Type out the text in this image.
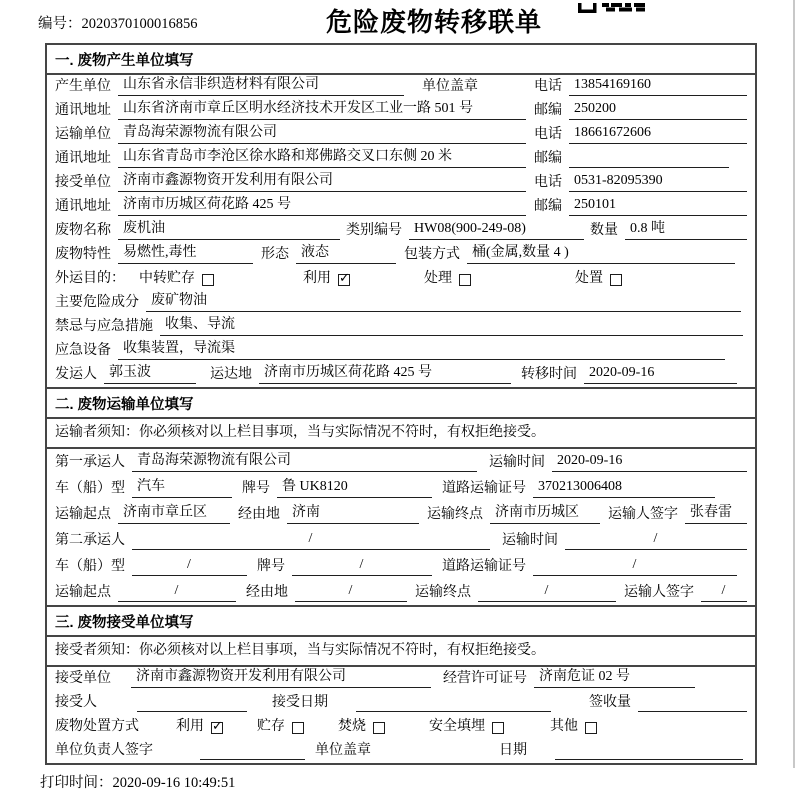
编号：2020370100016856	危险废物转移联单
一. 废物产生单位填写
产生单位 山东省永信非织造材料有限公司	单位盖章	电话 13854169160
通讯地址 山东省济南市章丘区明水经济技术开发区工业一路 501 号	邮编 250200
运输单位 青岛海荣源物流有限公司	电话 18661672606
通讯地址 山东省青岛市李沧区徐水路和郑佛路交叉口东侧 20 米	邮编
接受单位 济南市鑫源物资开发利用有限公司	电话 0531-82095390
通讯地址 济南市历城区荷花路 425 号	邮编 250101
废物名称 废机油	类别编号 HW08(900-249-08)	数量 0.8 吨
废物特性 易燃性,毒性	形态 液态	包装方式 桶(金属,数量 4 )
外运目的： 中转贮存	利用 ✓	处理	处置
主要危险成分 废矿物油
禁忌与应急措施 收集、导流
应急设备 收集装置，导流渠
发运人 郭玉波	运达地 济南市历城区荷花路 425 号	转移时间 2020-09-16
二. 废物运输单位填写
运输者须知：你必须核对以上栏目事项，当与实际情况不符时，有权拒绝接受。
第一承运人 青岛海荣源物流有限公司	运输时间 2020-09-16
车（船）型 汽车	牌号 鲁 UK8120	道路运输证号 370213006408
运输起点 济南市章丘区	经由地 济南	运输终点 济南市历城区	运输人签字 张春雷
第二承运人	/	运输时间	/
车（船）型	/	牌号	/	道路运输证号	/
运输起点	/	经由地	/	运输终点	/	运输人签字	/
三. 废物接受单位填写
接受者须知：你必须核对以上栏目事项，当与实际情况不符时，有权拒绝接受。
接受单位	济南市鑫源物资开发利用有限公司	经营许可证号 济南危证 02 号
接受人	接受日期	签收量
废物处置方式	利用 ✓	贮存	焚烧	安全填埋	其他
单位负责人签字	单位盖章	日期
打印时间：2020-09-16 10:49:51
